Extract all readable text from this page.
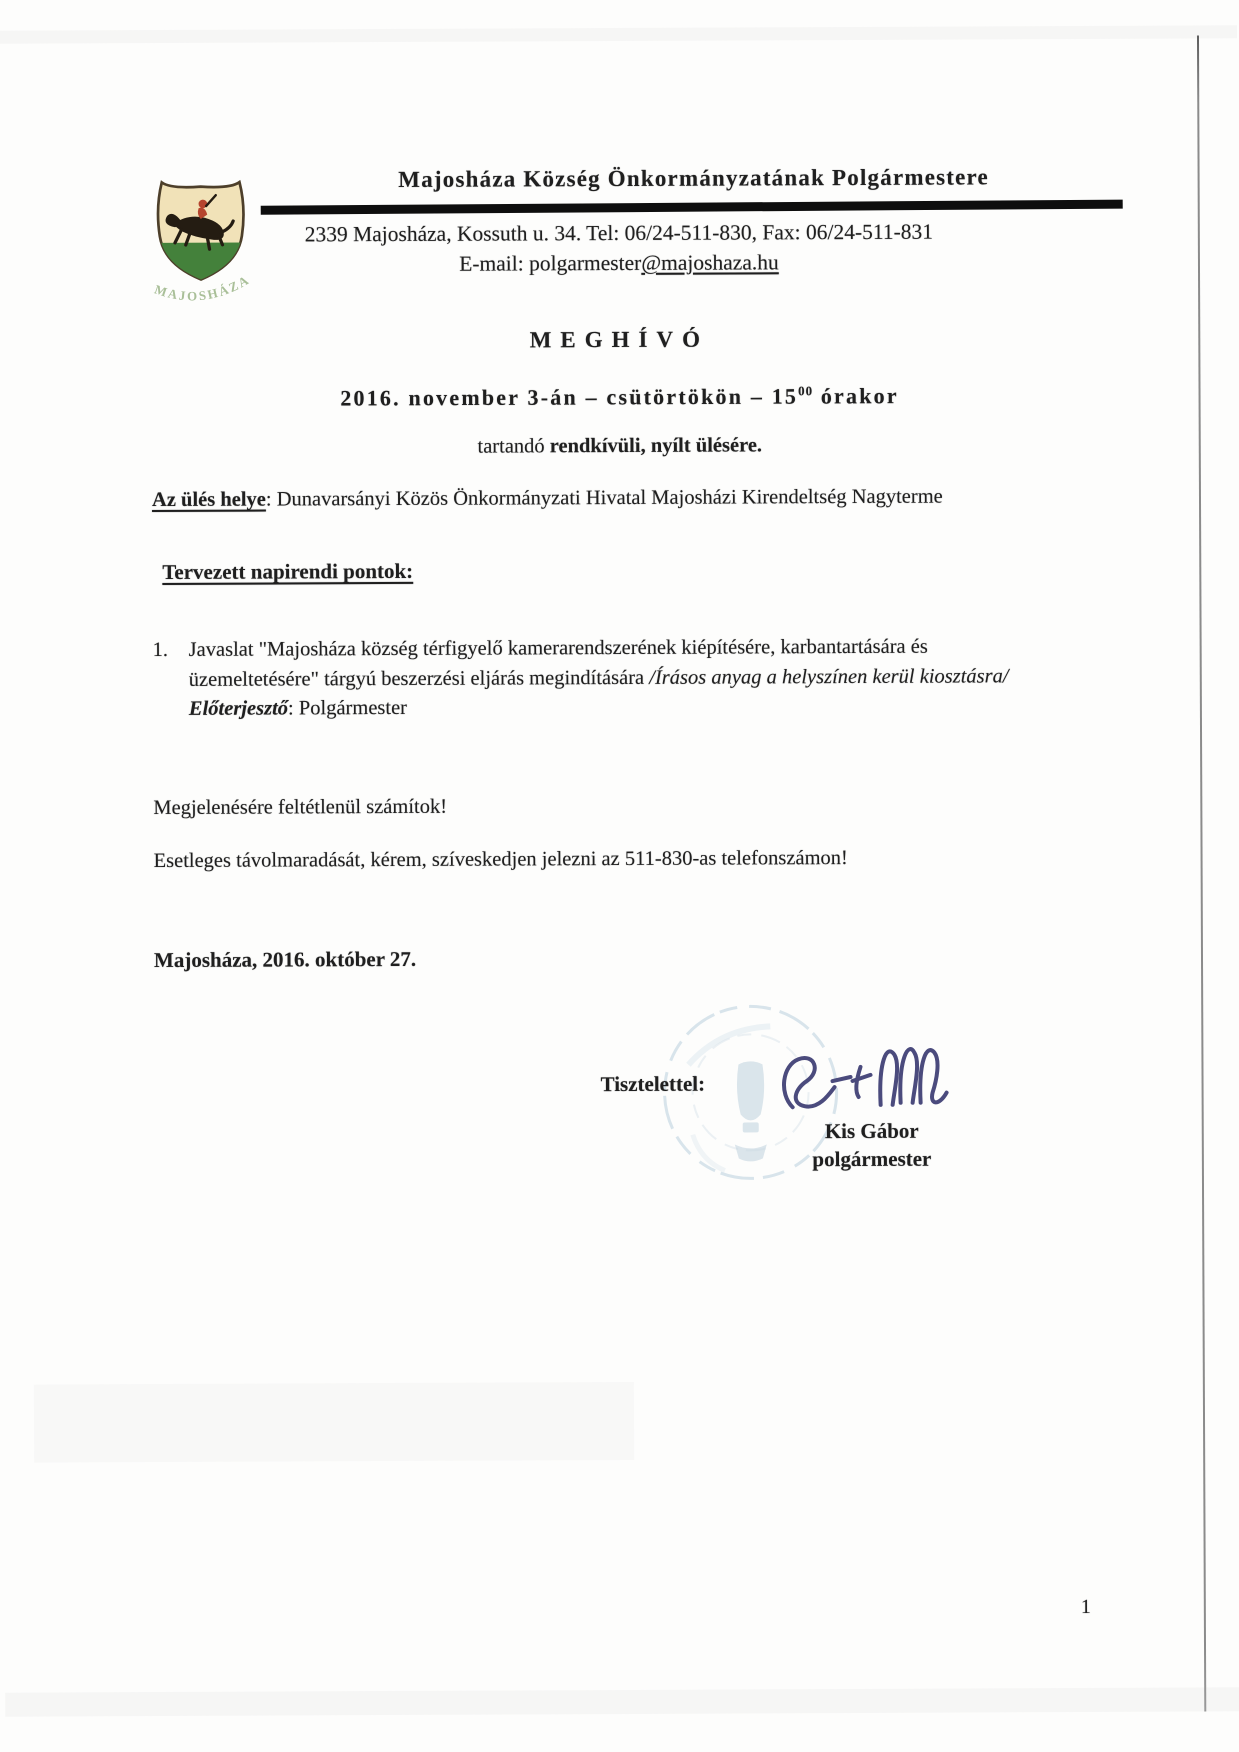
MAJOSHÁZA
Majosháza Község Önkormányzatának Polgármestere
2339 Majosháza, Kossuth u. 34. Tel: 06/24-511-830, Fax: 06/24-511-831
E-mail: polgarmester@majoshaza.hu
MEGHÍVÓ
2016. november 3-án – csütörtökön – $15^{00}$ órakor
tartandó rendkívüli, nyílt ülésére.
Az ülés helye: Dunavarsányi Közös Önkormányzati Hivatal Majosházi Kirendeltség Nagyterme
Tervezett napirendi pontok:
1.	Javaslat "Majosháza község térfigyelő kamerarendszerének kiépítésére, karbantartására és üzemeltetésére" tárgyú beszerzési eljárás megindítására /Írásos anyag a helyszínen kerül kiosztásra/

Előterjesztő: Polgármester

Megjelenésére feltétlenül számítok!
Esetleges távolmaradását, kérem, szíveskedjen jelezni az 511-830-as telefonszámon!
Majosháza, 2016. október 27.
Tisztelettel:
Kis Gábor
polgármester
1
